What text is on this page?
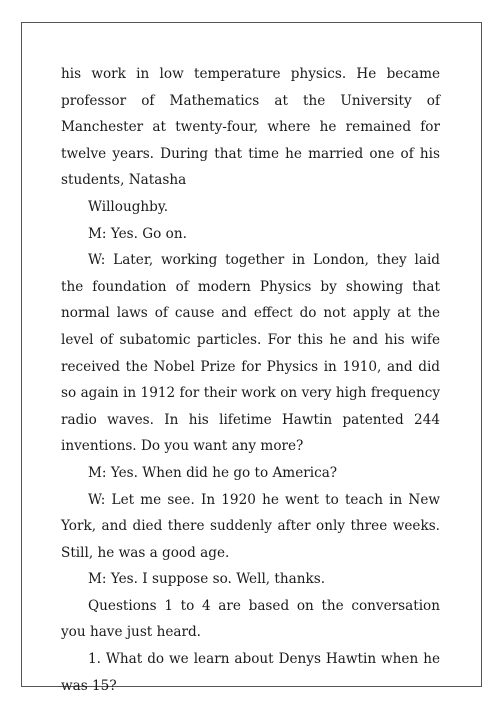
his work in low temperature physics. He became professor of Mathematics at the University of Manchester at twenty-four, where he remained for twelve years. During that time he married one of his students, Natasha

Willoughby.

M: Yes. Go on.

W: Later, working together in London, they laid the foundation of modern Physics by showing that normal laws of cause and effect do not apply at the level of subatomic particles. For this he and his wife received the Nobel Prize for Physics in 1910, and did so again in 1912 for their work on very high frequency radio waves. In his lifetime Hawtin patented 244 inventions. Do you want any more?

M: Yes. When did he go to America?

W: Let me see. In 1920 he went to teach in New York, and died there suddenly after only three weeks. Still, he was a good age.

M: Yes. I suppose so. Well, thanks.

Questions 1 to 4 are based on the conversation you have just heard.

1. What do we learn about Denys Hawtin when he was 15?
